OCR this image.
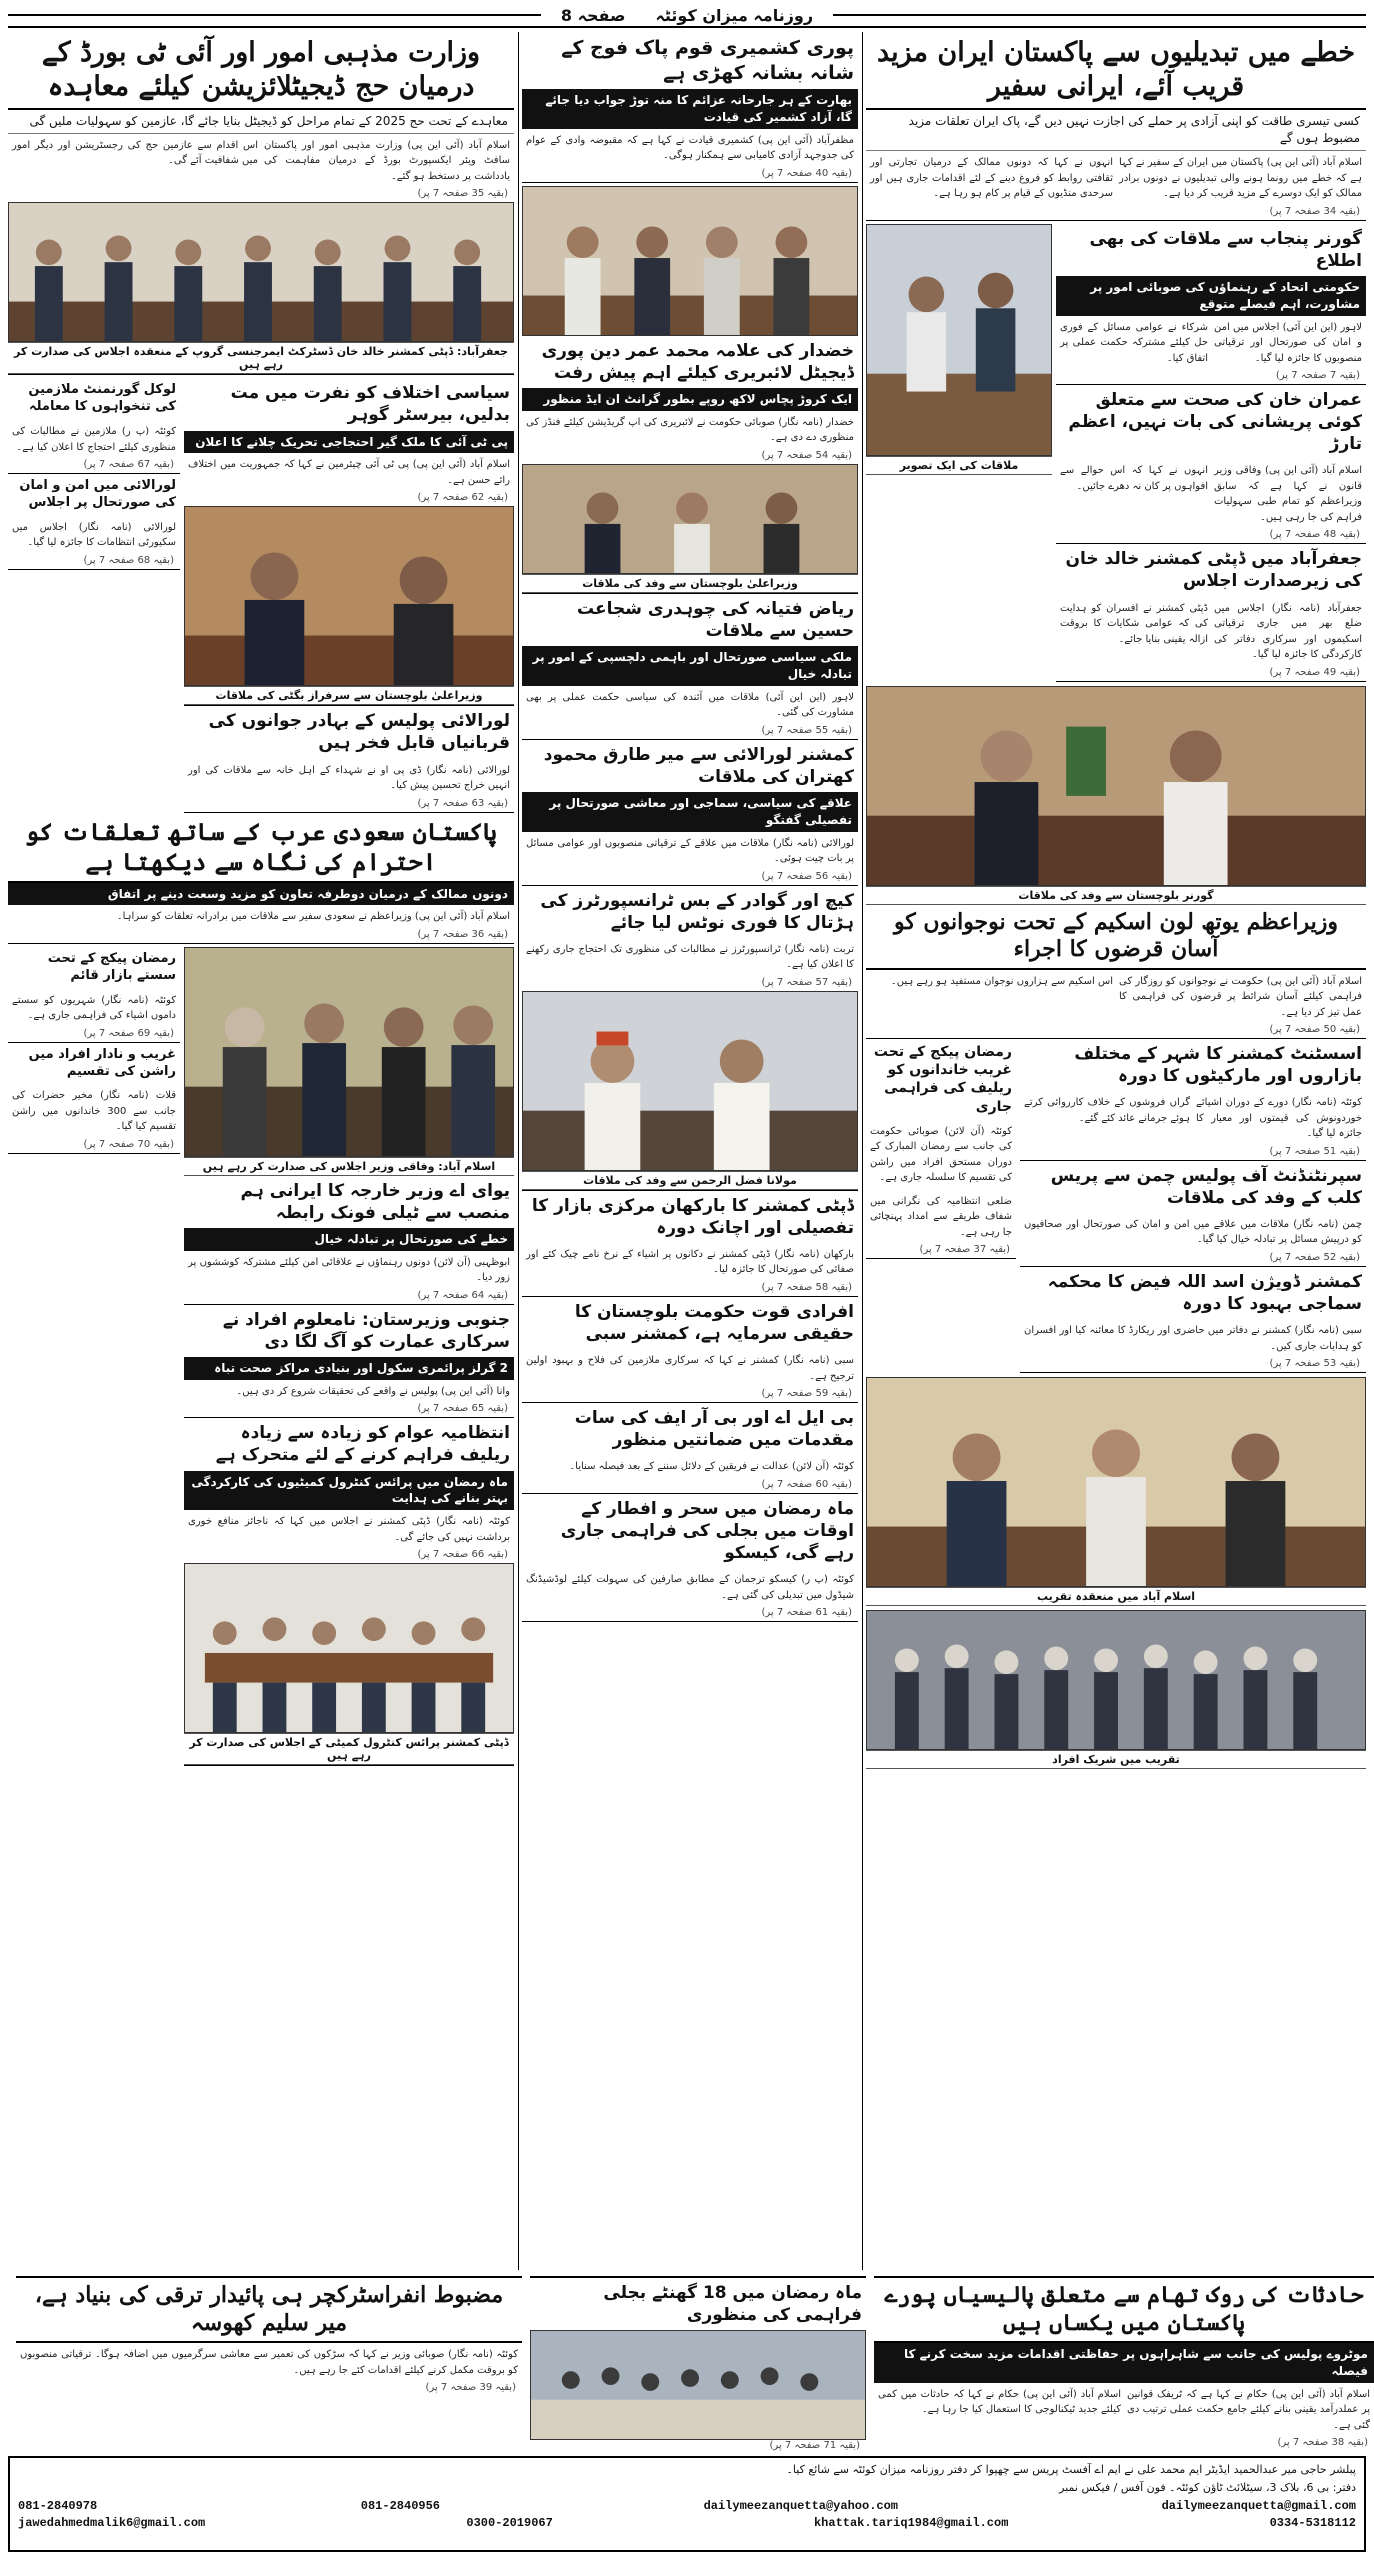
روزنامہ میزان کوئٹہ
صفحہ 8
خطے میں تبدیلیوں سے پاکستان ایران مزید قریب آئے، ایرانی سفیر
کسی تیسری طاقت کو اپنی آزادی پر حملے کی اجازت نہیں دیں گے، پاک ایران تعلقات مزید مضبوط ہوں گے
اسلام آباد (آئی این پی) پاکستان میں ایران کے سفیر نے کہا ہے کہ خطے میں رونما ہونے والی تبدیلیوں نے دونوں برادر ممالک کو ایک دوسرے کے مزید قریب کر دیا ہے۔
انہوں نے کہا کہ دونوں ممالک کے درمیان تجارتی اور ثقافتی روابط کو فروغ دینے کے لئے اقدامات جاری ہیں اور سرحدی منڈیوں کے قیام پر کام ہو رہا ہے۔
(بقیہ 34 صفحہ 7 پر)
گورنر پنجاب سے ملاقات کی بھی اطلاع
حکومتی اتحاد کے رہنماؤں کی صوبائی امور پر مشاورت، اہم فیصلے متوقع
لاہور (این این آئی) اجلاس میں امن و امان کی صورتحال اور ترقیاتی منصوبوں کا جائزہ لیا گیا۔
شرکاء نے عوامی مسائل کے فوری حل کیلئے مشترکہ حکمت عملی پر اتفاق کیا۔
(بقیہ 7 صفحہ 7 پر)
عمران خان کی صحت سے متعلق کوئی پریشانی کی بات نہیں، اعظم تارڑ
اسلام آباد (آئی این پی) وفاقی وزیر قانون نے کہا ہے کہ سابق وزیراعظم کو تمام طبی سہولیات فراہم کی جا رہی ہیں۔
انہوں نے کہا کہ اس حوالے سے افواہوں پر کان نہ دھرے جائیں۔
(بقیہ 48 صفحہ 7 پر)
جعفرآباد میں ڈپٹی کمشنر خالد خان کی زیرصدارت اجلاس
جعفرآباد (نامہ نگار) اجلاس میں ضلع بھر میں جاری ترقیاتی اسکیموں اور سرکاری دفاتر کی کارکردگی کا جائزہ لیا گیا۔
ڈپٹی کمشنر نے افسران کو ہدایت کی کہ عوامی شکایات کا بروقت ازالہ یقینی بنایا جائے۔
(بقیہ 49 صفحہ 7 پر)
ملاقات کی ایک تصویر
گورنر بلوچستان سے وفد کی ملاقات
وزیراعظم یوتھ لون اسکیم کے تحت نوجوانوں کو آسان قرضوں کا اجراء
اسلام آباد (آئی این پی) حکومت نے نوجوانوں کو روزگار کی فراہمی کیلئے آسان شرائط پر قرضوں کی فراہمی کا عمل تیز کر دیا ہے۔
اس اسکیم سے ہزاروں نوجوان مستفید ہو رہے ہیں۔
(بقیہ 50 صفحہ 7 پر)
اسسٹنٹ کمشنر کا شہر کے مختلف بازاروں اور مارکیٹوں کا دورہ
کوئٹہ (نامہ نگار) دورے کے دوران اشیائے خوردونوش کی قیمتوں اور معیار کا جائزہ لیا گیا۔
گراں فروشوں کے خلاف کارروائی کرتے ہوئے جرمانے عائد کئے گئے۔
(بقیہ 51 صفحہ 7 پر)
سپرنٹنڈنٹ آف پولیس چمن سے پریس کلب کے وفد کی ملاقات
چمن (نامہ نگار) ملاقات میں علاقے میں امن و امان کی صورتحال اور صحافیوں کو درپیش مسائل پر تبادلہ خیال کیا گیا۔
(بقیہ 52 صفحہ 7 پر)
کمشنر ڈویژن اسد اللہ فیض کا محکمہ سماجی بہبود کا دورہ
سبی (نامہ نگار) کمشنر نے دفاتر میں حاضری اور ریکارڈ کا معائنہ کیا اور افسران کو ہدایات جاری کیں۔
(بقیہ 53 صفحہ 7 پر)
رمضان پیکج کے تحت غریب خاندانوں کو ریلیف کی فراہمی جاری
کوئٹہ (آن لائن) صوبائی حکومت کی جانب سے رمضان المبارک کے دوران مستحق افراد میں راشن کی تقسیم کا سلسلہ جاری ہے۔
ضلعی انتظامیہ کی نگرانی میں شفاف طریقے سے امداد پہنچائی جا رہی ہے۔
(بقیہ 37 صفحہ 7 پر)
اسلام آباد میں منعقدہ تقریب
تقریب میں شریک افراد
پوری کشمیری قوم پاک فوج کے شانہ بشانہ کھڑی ہے
بھارت کے ہر جارحانہ عزائم کا منہ توڑ جواب دیا جائے گا، آزاد کشمیر کی قیادت
مظفرآباد (آئی این پی) کشمیری قیادت نے کہا ہے کہ مقبوضہ وادی کے عوام کی جدوجہد آزادی کامیابی سے ہمکنار ہوگی۔
(بقیہ 40 صفحہ 7 پر)
خضدار کی علامہ محمد عمر دین پوری ڈیجیٹل لائبریری کیلئے اہم پیش رفت
ایک کروڑ پچاس لاکھ روپے بطور گرانٹ ان ایڈ منظور
خضدار (نامہ نگار) صوبائی حکومت نے لائبریری کی اپ گریڈیشن کیلئے فنڈز کی منظوری دے دی ہے۔
(بقیہ 54 صفحہ 7 پر)
وزیراعلیٰ بلوچستان سے وفد کی ملاقات
ریاض فتیانہ کی چوہدری شجاعت حسین سے ملاقات
ملکی سیاسی صورتحال اور باہمی دلچسپی کے امور پر تبادلہ خیال
لاہور (این این آئی) ملاقات میں آئندہ کی سیاسی حکمت عملی پر بھی مشاورت کی گئی۔
(بقیہ 55 صفحہ 7 پر)
کمشنر لورالائی سے میر طارق محمود کھتران کی ملاقات
علاقے کی سیاسی، سماجی اور معاشی صورتحال پر تفصیلی گفتگو
لورالائی (نامہ نگار) ملاقات میں علاقے کے ترقیاتی منصوبوں اور عوامی مسائل پر بات چیت ہوئی۔
(بقیہ 56 صفحہ 7 پر)
کیچ اور گوادر کے بس ٹرانسپورٹرز کی ہڑتال کا فوری نوٹس لیا جائے
تربت (نامہ نگار) ٹرانسپورٹرز نے مطالبات کی منظوری تک احتجاج جاری رکھنے کا اعلان کیا ہے۔
(بقیہ 57 صفحہ 7 پر)
مولانا فضل الرحمن سے وفد کی ملاقات
ڈپٹی کمشنر کا بارکھان مرکزی بازار کا تفصیلی اور اچانک دورہ
بارکھان (نامہ نگار) ڈپٹی کمشنر نے دکانوں پر اشیاء کے نرخ نامے چیک کئے اور صفائی کی صورتحال کا جائزہ لیا۔
(بقیہ 58 صفحہ 7 پر)
افرادی قوت حکومت بلوچستان کا حقیقی سرمایہ ہے، کمشنر سبی
سبی (نامہ نگار) کمشنر نے کہا کہ سرکاری ملازمین کی فلاح و بہبود اولین ترجیح ہے۔
(بقیہ 59 صفحہ 7 پر)
بی ایل اے اور بی آر ایف کی سات مقدمات میں ضمانتیں منظور
کوئٹہ (آن لائن) عدالت نے فریقین کے دلائل سننے کے بعد فیصلہ سنایا۔
(بقیہ 60 صفحہ 7 پر)
ماہ رمضان میں سحر و افطار کے اوقات میں بجلی کی فراہمی جاری رہے گی، کیسکو
کوئٹہ (پ ر) کیسکو ترجمان کے مطابق صارفین کی سہولت کیلئے لوڈشیڈنگ شیڈول میں تبدیلی کی گئی ہے۔
(بقیہ 61 صفحہ 7 پر)
وزارت مذہبی امور اور آئی ٹی بورڈ کے درمیان حج ڈیجیٹلائزیشن کیلئے معاہدہ
معاہدے کے تحت حج 2025 کے تمام مراحل کو ڈیجیٹل بنایا جائے گا، عازمین کو سہولیات ملیں گی
اسلام آباد (آئی این پی) وزارت مذہبی امور اور پاکستان سافٹ ویئر ایکسپورٹ بورڈ کے درمیان مفاہمت کی یادداشت پر دستخط ہو گئے۔
اس اقدام سے عازمین حج کی رجسٹریشن اور دیگر امور میں شفافیت آئے گی۔
(بقیہ 35 صفحہ 7 پر)
جعفرآباد: ڈپٹی کمشنر خالد خان ڈسٹرکٹ ایمرجنسی گروپ کے منعقدہ اجلاس کی صدارت کر رہے ہیں
سیاسی اختلاف کو نفرت میں مت بدلیں، بیرسٹر گوہر
پی ٹی آئی کا ملک گیر احتجاجی تحریک چلانے کا اعلان
اسلام آباد (آئی این پی) پی ٹی آئی چیئرمین نے کہا کہ جمہوریت میں اختلاف رائے حسن ہے۔
(بقیہ 62 صفحہ 7 پر)
وزیراعلیٰ بلوچستان سے سرفراز بگٹی کی ملاقات
لورالائی پولیس کے بہادر جوانوں کی قربانیاں قابل فخر ہیں
لورالائی (نامہ نگار) ڈی پی او نے شہداء کے اہل خانہ سے ملاقات کی اور انہیں خراج تحسین پیش کیا۔
(بقیہ 63 صفحہ 7 پر)
لوکل گورنمنٹ ملازمین کی تنخواہوں کا معاملہ
کوئٹہ (پ ر) ملازمین نے مطالبات کی منظوری کیلئے احتجاج کا اعلان کیا ہے۔
(بقیہ 67 صفحہ 7 پر)
لورالائی میں امن و امان کی صورتحال پر اجلاس
لورالائی (نامہ نگار) اجلاس میں سکیورٹی انتظامات کا جائزہ لیا گیا۔
(بقیہ 68 صفحہ 7 پر)
پاکستان سعودی عرب کے ساتھ تعلقات کو احترام کی نگاہ سے دیکھتا ہے
دونوں ممالک کے درمیان دوطرفہ تعاون کو مزید وسعت دینے پر اتفاق
اسلام آباد (آئی این پی) وزیراعظم نے سعودی سفیر سے ملاقات میں برادرانہ تعلقات کو سراہا۔
(بقیہ 36 صفحہ 7 پر)
اسلام آباد: وفاقی وزیر اجلاس کی صدارت کر رہے ہیں
یوای اے وزیر خارجہ کا ایرانی ہم منصب سے ٹیلی فونک رابطہ
خطے کی صورتحال پر تبادلہ خیال
ابوظہبی (آن لائن) دونوں رہنماؤں نے علاقائی امن کیلئے مشترکہ کوششوں پر زور دیا۔
(بقیہ 64 صفحہ 7 پر)
جنوبی وزیرستان: نامعلوم افراد نے سرکاری عمارت کو آگ لگا دی
2 گرلز پرائمری سکول اور بنیادی مراکز صحت تباہ
وانا (آئی این پی) پولیس نے واقعے کی تحقیقات شروع کر دی ہیں۔
(بقیہ 65 صفحہ 7 پر)
انتظامیہ عوام کو زیادہ سے زیادہ ریلیف فراہم کرنے کے لئے متحرک ہے
ماہ رمضان میں پرائس کنٹرول کمیٹیوں کی کارکردگی بہتر بنانے کی ہدایت
کوئٹہ (نامہ نگار) ڈپٹی کمشنر نے اجلاس میں کہا کہ ناجائز منافع خوری برداشت نہیں کی جائے گی۔
(بقیہ 66 صفحہ 7 پر)
ڈپٹی کمشنر پرائس کنٹرول کمیٹی کے اجلاس کی صدارت کر رہے ہیں
رمضان پیکج کے تحت سستے بازار قائم
کوئٹہ (نامہ نگار) شہریوں کو سستے داموں اشیاء کی فراہمی جاری ہے۔
(بقیہ 69 صفحہ 7 پر)
غریب و نادار افراد میں راشن کی تقسیم
قلات (نامہ نگار) مخیر حضرات کی جانب سے 300 خاندانوں میں راشن تقسیم کیا گیا۔
(بقیہ 70 صفحہ 7 پر)
حادثات کی روک تھام سے متعلق پالیسیاں پورے پاکستان میں یکساں ہیں
موٹروے پولیس کی جانب سے شاہراہوں پر حفاظتی اقدامات مزید سخت کرنے کا فیصلہ
اسلام آباد (آئی این پی) حکام نے کہا ہے کہ ٹریفک قوانین پر عملدرآمد یقینی بنانے کیلئے جامع حکمت عملی ترتیب دی گئی ہے۔
اسلام آباد (آئی این پی) حکام نے کہا کہ حادثات میں کمی کیلئے جدید ٹیکنالوجی کا استعمال کیا جا رہا ہے۔
(بقیہ 38 صفحہ 7 پر)
ماہ رمضان میں 18 گھنٹے بجلی فراہمی کی منظوری
(بقیہ 71 صفحہ 7 پر)
مضبوط انفراسٹرکچر ہی پائیدار ترقی کی بنیاد ہے، میر سلیم کھوسہ
کوئٹہ (نامہ نگار) صوبائی وزیر نے کہا کہ سڑکوں کی تعمیر سے معاشی سرگرمیوں میں اضافہ ہوگا۔ ترقیاتی منصوبوں کو بروقت مکمل کرنے کیلئے اقدامات کئے جا رہے ہیں۔
(بقیہ 39 صفحہ 7 پر)
پبلشر حاجی میر عبدالحمید ایڈیٹر ایم محمد علی نے ایم اے آفسٹ پریس سے چھپوا کر دفتر روزنامہ میزان کوئٹہ سے شائع کیا۔
دفتر: بی 6، بلاک 3، سیٹلائٹ ٹاؤن کوئٹہ۔ فون آفس / فیکس نمبر
081-2840978	081-2840956	dailymeezanquetta@yahoo.com	dailymeezanquetta@gmail.com
jawedahmedmalik6@gmail.com	0300-2019067	khattak.tariq1984@gmail.com	0334-5318112
